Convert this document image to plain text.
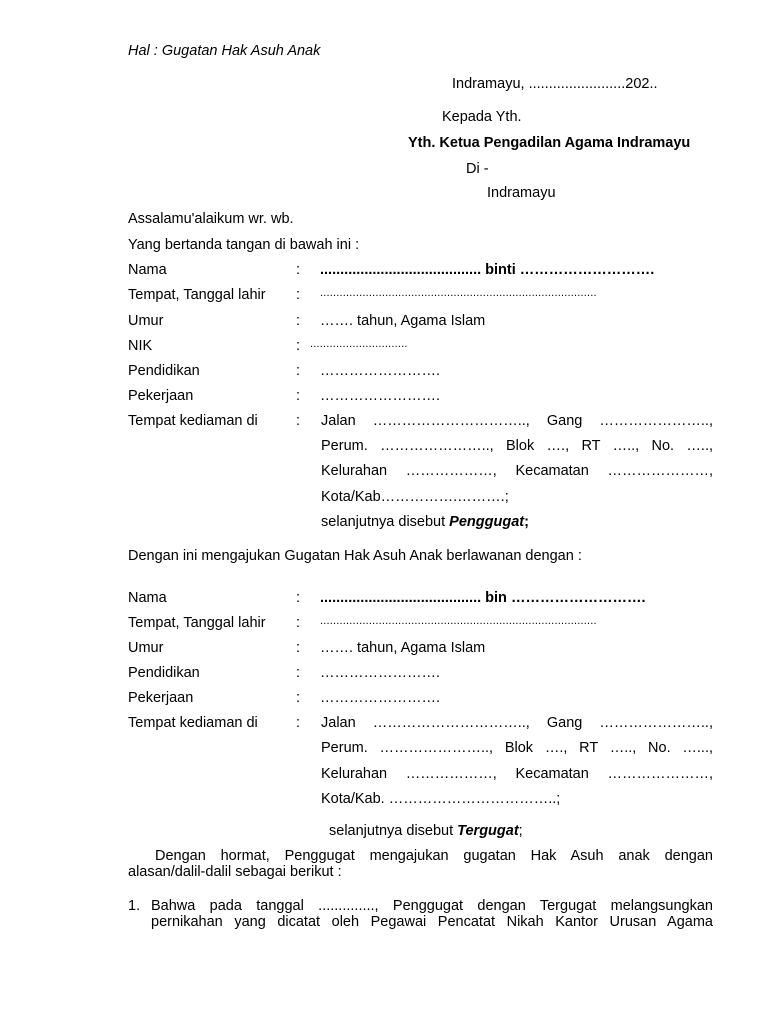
Hal : Gugatan Hak Asuh Anak
Indramayu, ........................202..
Kepada Yth.
Yth. Ketua Pengadilan Agama Indramayu
Di -
Indramayu
Assalamu'alaikum wr. wb.
Yang bertanda tangan di bawah ini :
Nama	: ........................................ binti ……………………….
Tempat, Tanggal lahir : .....................................................................................
Umur	: ……. tahun, Agama Islam
NIK	: ..............................
Pendidikan	: …………………….
Pekerjaan	: …………………….
Tempat kediaman di	: Jalan ………………………….., Gang …………………..,
Perum. ………………….., Blok …., RT ….., No. …..,
Kelurahan ………………, Kecamatan …………………,
Kota/Kab…………….……….;
selanjutnya disebut Penggugat;
Dengan ini mengajukan Gugatan Hak Asuh Anak berlawanan dengan :
Nama	: ........................................ bin ……………………….
Tempat, Tanggal lahir : .....................................................................................
Umur	: ……. tahun, Agama Islam
Pendidikan	: …………………….
Pekerjaan	: …………………….
Tempat kediaman di	: Jalan ………………………….., Gang …………………..,
Perum. ………………….., Blok …., RT ….., No. …...,
Kelurahan ………………, Kecamatan …………………,
Kota/Kab. ……………………………..;
selanjutnya disebut Tergugat;
Dengan hormat, Penggugat mengajukan gugatan Hak Asuh anak dengan
alasan/dalil-dalil sebagai berikut :
1. Bahwa pada tanggal .............., Penggugat dengan Tergugat melangsungkan
pernikahan yang dicatat oleh Pegawai Pencatat Nikah Kantor Urusan Agama
